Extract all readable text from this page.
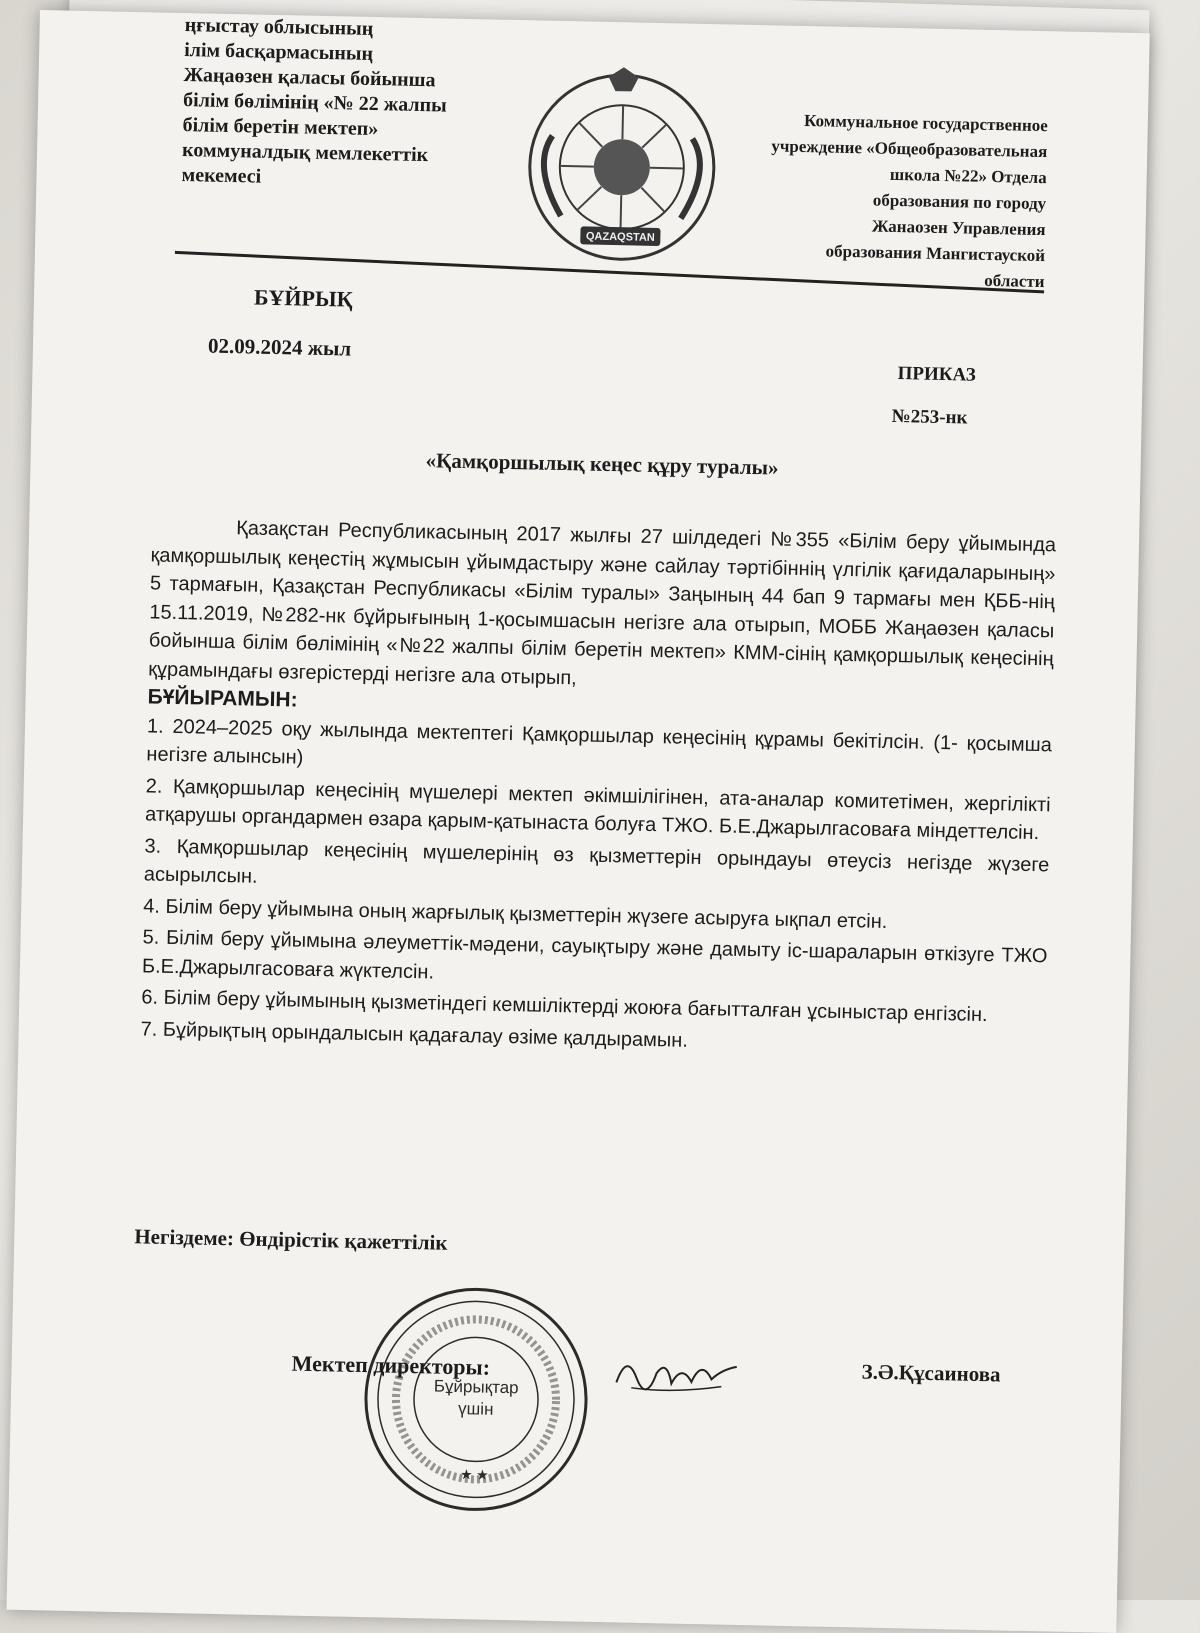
ңғыстау облысының
ілім басқармасының
Жаңаөзен қаласы бойынша
білім бөлімінің «№ 22 жалпы
білім беретін мектеп»
коммуналдық мемлекеттік
мекемесі
QAZAQSTAN
Коммунальное государственное
учреждение «Общеобразовательная
школа №22» Отдела
образования по городу
Жанаозен Управления
образования Мангистауской
области
БҰЙРЫҚ
02.09.2024 жыл
ПРИКАЗ
№253-нк
«Қамқоршылық кеңес құру туралы»

Қазақстан Республикасының 2017 жылғы 27 шілдедегі №355 «Білім беру ұйымында қамқоршылық кеңестің жұмысын ұйымдастыру және сайлау тәртібіннің үлгілік қағидаларының» 5 тармағын, Қазақстан Республикасы «Білім туралы» Заңының 44 бап 9 тармағы мен ҚББ-нің 15.11.2019, №282-нк бұйрығының 1-қосымшасын негізге ала отырып, МОББ Жаңаөзен қаласы бойынша білім бөлімінің «№22 жалпы білім беретін мектеп» КММ-сінің қамқоршылық кеңесінің құрамындағы өзгерістерді негізге ала отырып,

БҰЙЫРАМЫН:

1. 2024–2025 оқу жылында мектептегі Қамқоршылар кеңесінің құрамы бекітілсін. (1- қосымша негізге алынсын)

2. Қамқоршылар кеңесінің мүшелері мектеп әкімшілігінен, ата-аналар комитетімен, жергілікті атқарушы органдармен өзара қарым-қатынаста болуға ТЖО. Б.Е.Джарылгасоваға міндеттелсін.

3. Қамқоршылар кеңесінің мүшелерінің өз қызметтерін орындауы өтеусіз негізде жүзеге асырылсын.

4. Білім беру ұйымына оның жарғылық қызметтерін жүзеге асыруға ықпал етсін.

5. Білім беру ұйымына әлеуметтік-мәдени, сауықтыру және дамыту іс-шараларын өткізуге ТЖО Б.Е.Джарылгасоваға жүктелсін.

6. Білім беру ұйымының қызметіндегі кемшіліктерді жоюға бағытталған ұсыныстар енгізсін.

7. Бұйрықтың орындалысын қадағалау өзіме қалдырамын.

Негіздеме: Өндірістік қажеттілік
Бұйрықтар
үшін
★ ★
Мектеп директоры:	З.Ә.Құсаинова
